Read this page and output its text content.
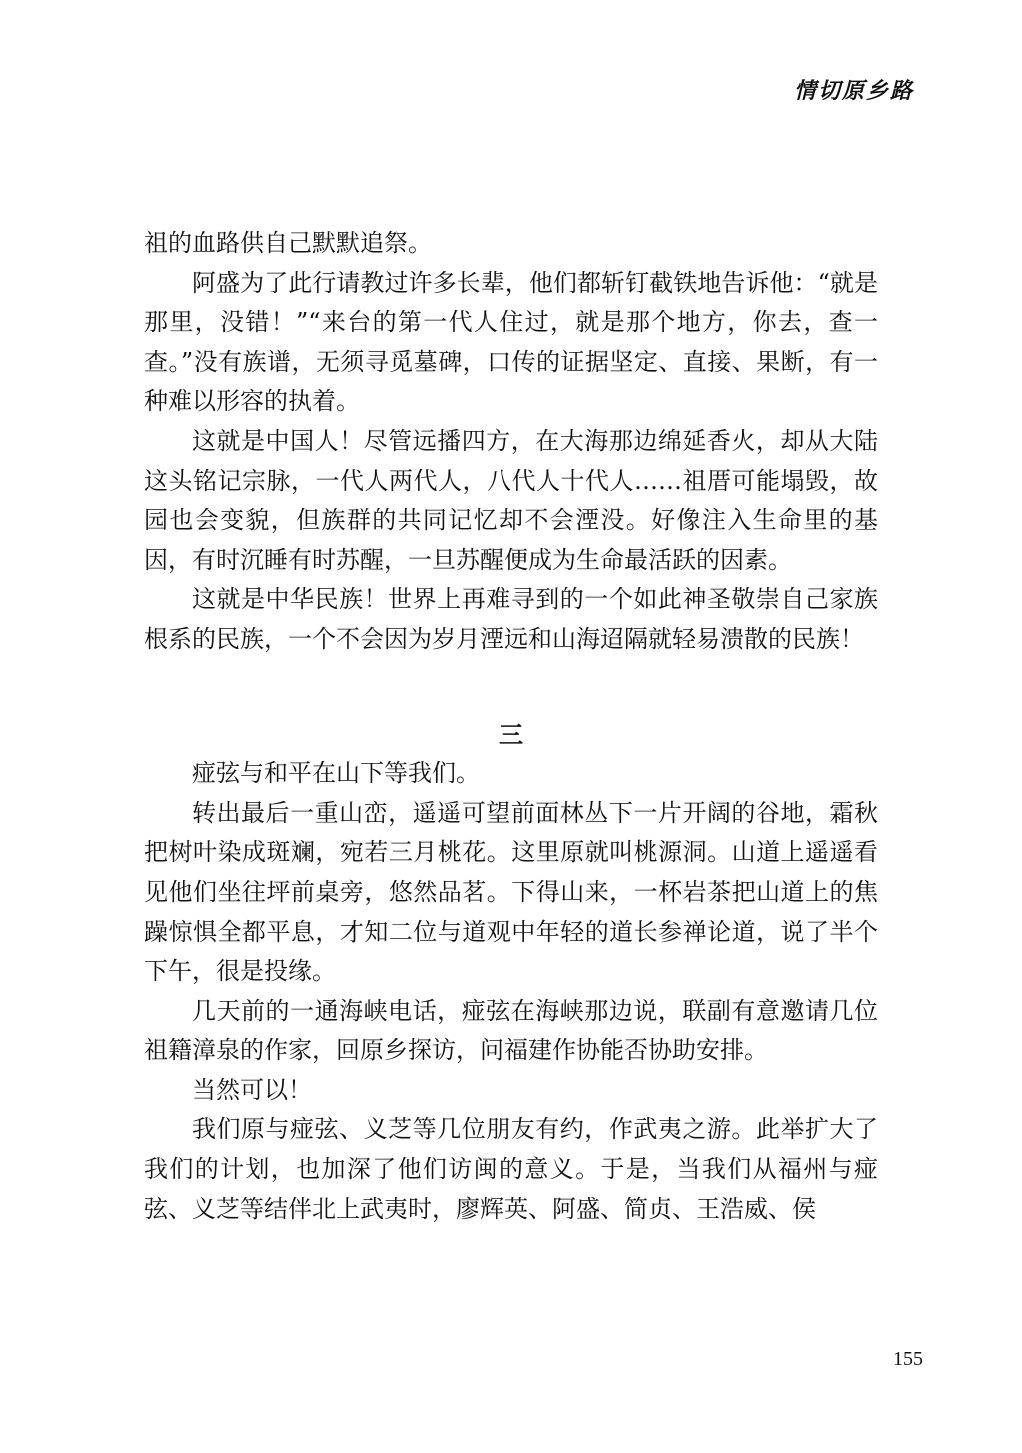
情切原乡路

祖的血路供自己默默追祭。

阿盛为了此行请教过许多长辈，他们都斩钉截铁地告诉他：“就是那里，没错！”“来台的第一代人住过，就是那个地方，你去，查一查。”没有族谱，无须寻觅墓碑，口传的证据坚定、直接、果断，有一种难以形容的执着。

这就是中国人！尽管远播四方，在大海那边绵延香火，却从大陆这头铭记宗脉，一代人两代人，八代人十代人……祖厝可能塌毁，故园也会变貌，但族群的共同记忆却不会湮没。好像注入生命里的基因，有时沉睡有时苏醒，一旦苏醒便成为生命最活跃的因素。

这就是中华民族！世界上再难寻到的一个如此神圣敬崇自己家族根系的民族，一个不会因为岁月湮远和山海迢隔就轻易溃散的民族！

三

痖弦与和平在山下等我们。

转出最后一重山峦，遥遥可望前面林丛下一片开阔的谷地，霜秋把树叶染成斑斓，宛若三月桃花。这里原就叫桃源洞。山道上遥遥看见他们坐往坪前桌旁，悠然品茗。下得山来，一杯岩茶把山道上的焦躁惊惧全都平息，才知二位与道观中年轻的道长参禅论道，说了半个下午，很是投缘。

几天前的一通海峡电话，痖弦在海峡那边说，联副有意邀请几位祖籍漳泉的作家，回原乡探访，问福建作协能否协助安排。

当然可以！

我们原与痖弦、义芝等几位朋友有约，作武夷之游。此举扩大了我们的计划，也加深了他们访闽的意义。于是，当我们从福州与痖弦、义芝等结伴北上武夷时，廖辉英、阿盛、简贞、王浩威、侯

155
